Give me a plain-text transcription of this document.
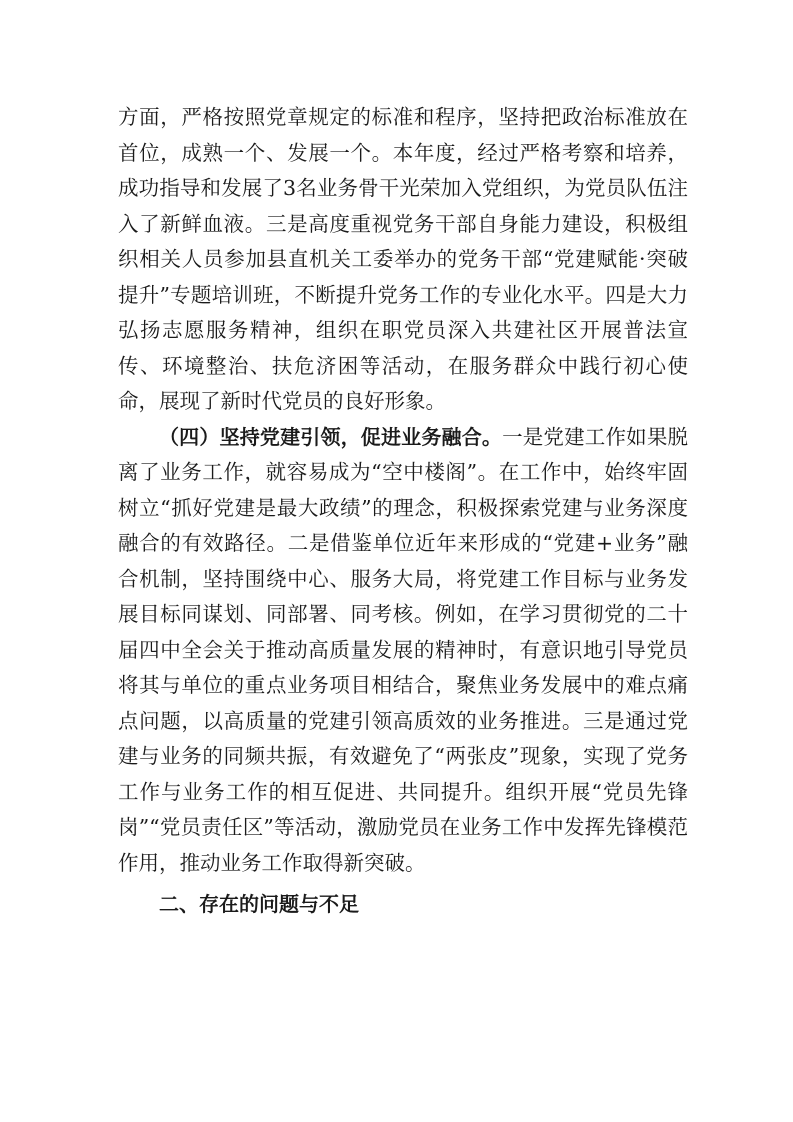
方面，严格按照党章规定的标准和程序，坚持把政治标准放在首位，成熟一个、发展一个。本年度，经过严格考察和培养，成功指导和发展了3名业务骨干光荣加入党组织，为党员队伍注入了新鲜血液。三是高度重视党务干部自身能力建设，积极组织相关人员参加县直机关工委举办的党务干部“党建赋能·突破提升”专题培训班，不断提升党务工作的专业化水平。四是大力弘扬志愿服务精神，组织在职党员深入共建社区开展普法宣传、环境整治、扶危济困等活动，在服务群众中践行初心使命，展现了新时代党员的良好形象。

（四）坚持党建引领，促进业务融合。一是党建工作如果脱离了业务工作，就容易成为“空中楼阁”。在工作中，始终牢固树立“抓好党建是最大政绩”的理念，积极探索党建与业务深度融合的有效路径。二是借鉴单位近年来形成的“党建+业务”融合机制，坚持围绕中心、服务大局，将党建工作目标与业务发展目标同谋划、同部署、同考核。例如，在学习贯彻党的二十届四中全会关于推动高质量发展的精神时，有意识地引导党员将其与单位的重点业务项目相结合，聚焦业务发展中的难点痛点问题，以高质量的党建引领高质效的业务推进。三是通过党建与业务的同频共振，有效避免了“两张皮”现象，实现了党务工作与业务工作的相互促进、共同提升。组织开展“党员先锋岗”“党员责任区”等活动，激励党员在业务工作中发挥先锋模范作用，推动业务工作取得新突破。

二、存在的问题与不足
